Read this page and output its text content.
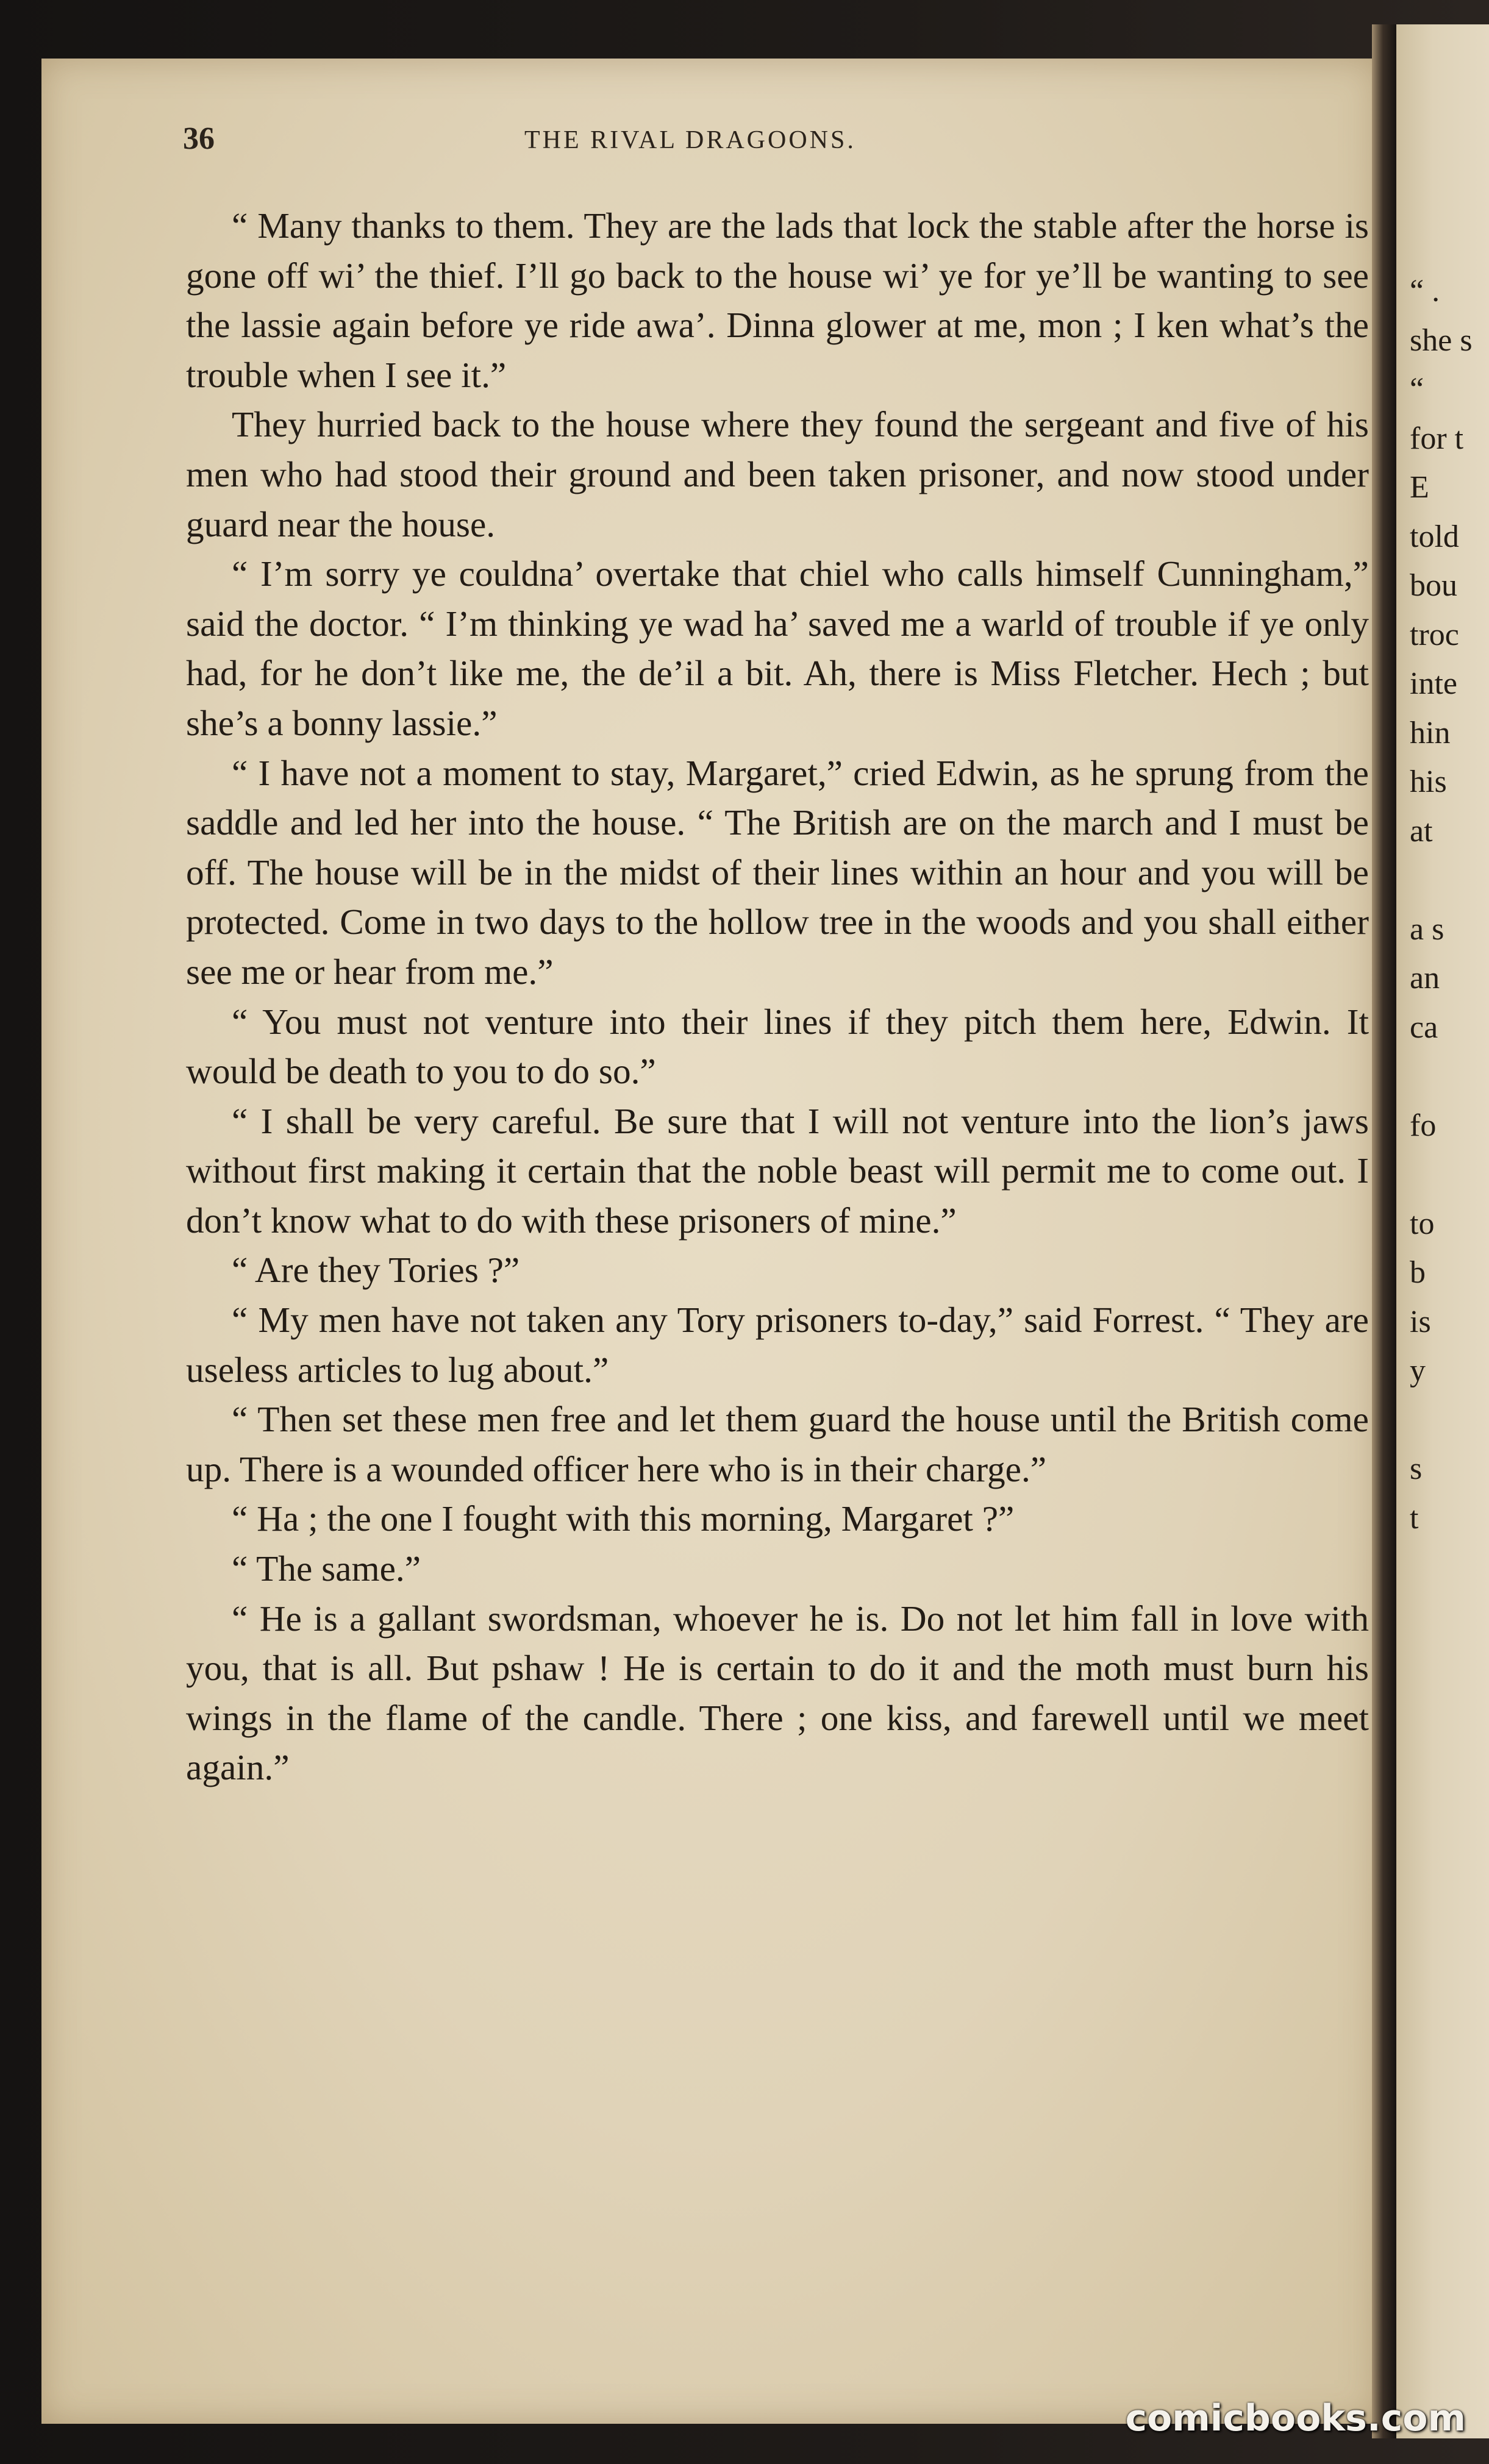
36	THE RIVAL DRAGOONS.

“ Many thanks to them. They are the lads that lock the stable after the horse is gone off wi’ the thief. I’ll go back to the house wi’ ye for ye’ll be wanting to see the lassie again before ye ride awa’. Dinna glower at me, mon ; I ken what’s the trouble when I see it.”

They hurried back to the house where they found the sergeant and five of his men who had stood their ground and been taken prisoner, and now stood under guard near the house.

“ I’m sorry ye couldna’ overtake that chiel who calls himself Cunningham,” said the doctor. “ I’m thinking ye wad ha’ saved me a warld of trouble if ye only had, for he don’t like me, the de’il a bit. Ah, there is Miss Fletcher. Hech ; but she’s a bonny lassie.”

“ I have not a moment to stay, Margaret,” cried Edwin, as he sprung from the saddle and led her into the house. “ The British are on the march and I must be off. The house will be in the midst of their lines within an hour and you will be protected. Come in two days to the hollow tree in the woods and you shall either see me or hear from me.”

“ You must not venture into their lines if they pitch them here, Edwin. It would be death to you to do so.”

“ I shall be very careful. Be sure that I will not venture into the lion’s jaws without first making it certain that the noble beast will permit me to come out. I don’t know what to do with these prisoners of mine.”

“ Are they Tories ?”

“ My men have not taken any Tory prisoners to-day,” said Forrest. “ They are useless articles to lug about.”

“ Then set these men free and let them guard the house until the British come up. There is a wounded officer here who is in their charge.”

“ Ha ; the one I fought with this morning, Margaret ?”

“ The same.”

“ He is a gallant swordsman, whoever he is. Do not let him fall in love with you, that is all. But pshaw ! He is certain to do it and the moth must burn his wings in the flame of the candle. There ; one kiss, and farewell until we meet again.”

“ .
she s
“
for t
E
told
bou
troc
inte
hin
his
at
a s
an
ca
fo
to
b
is
y
s
t
comicbooks.com
